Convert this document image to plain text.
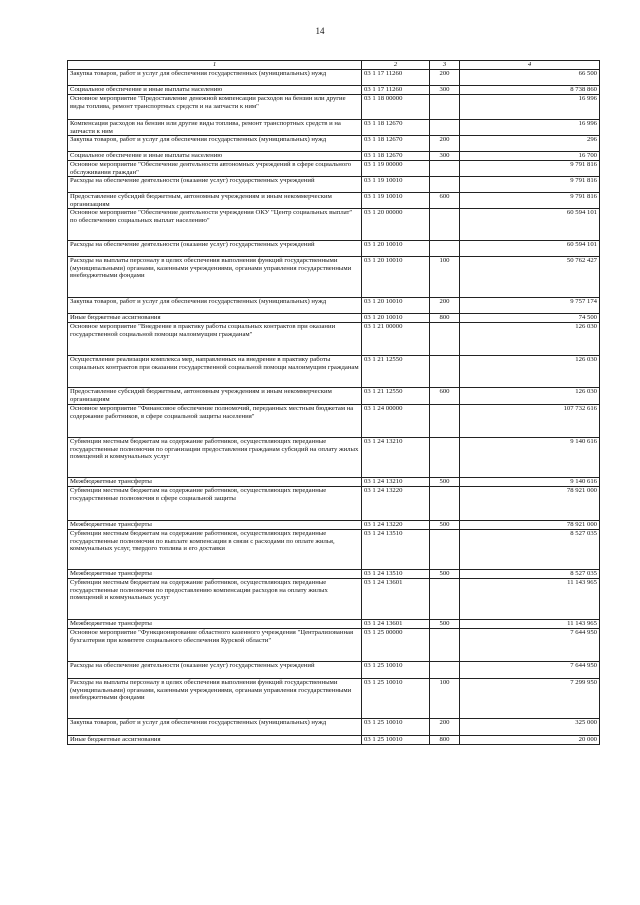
14
1	2	3	4
Закупка товаров, работ и услуг для обеспечения государственных (муниципальных) нужд	03 1 17 11260	200	66 500
Социальное обеспечение и иные выплаты населению	03 1 17 11260	300	8 738 860
Основное мероприятие "Предоставление денежной компенсации расходов на бензин или другие виды топлива, ремонт транспортных средств и на запчасти к ним"	03 1 18 00000		16 996
Компенсация расходов на бензин или другие виды топлива, ремонт транспортных средств и на запчасти к ним	03 1 18 12670		16 996
Закупка товаров, работ и услуг для обеспечения государственных (муниципальных) нужд	03 1 18 12670	200	296
Социальное обеспечение и иные выплаты населению	03 1 18 12670	300	16 700
Основное мероприятие "Обеспечение деятельности автономных учреждений в сфере социального обслуживания граждан"	03 1 19 00000		9 791 816
Расходы на обеспечение деятельности (оказание услуг) государственных учреждений	03 1 19 10010		9 791 816
Предоставление субсидий бюджетным, автономным учреждениям и иным некоммерческим организациям	03 1 19 10010	600	9 791 816
Основное мероприятие "Обеспечение деятельности учреждения ОКУ "Центр социальных выплат" по обеспечению социальных выплат населению"	03 1 20 00000		60 594 101
Расходы на обеспечение деятельности (оказание услуг) государственных учреждений	03 1 20 10010		60 594 101
Расходы на выплаты персоналу в целях обеспечения выполнения функций государственными (муниципальными) органами, казенными учреждениями, органами управления государственными внебюджетными фондами	03 1 20 10010	100	50 762 427
Закупка товаров, работ и услуг для обеспечения государственных (муниципальных) нужд	03 1 20 10010	200	9 757 174
Иные бюджетные ассигнования	03 1 20 10010	800	74 500
Основное мероприятие "Внедрение в практику работы социальных контрактов при оказании государственной социальной помощи малоимущим гражданам"	03 1 21 00000		126 030
Осуществление реализации комплекса мер, направленных на внедрение в практику работы социальных контрактов при оказании государственной социальной помощи малоимущим гражданам	03 1 21 12550		126 030
Предоставление субсидий бюджетным, автономным учреждениям и иным некоммерческим организациям	03 1 21 12550	600	126 030
Основное мероприятие "Финансовое обеспечение полномочий, переданных местным бюджетам на содержание работников, в сфере социальной защиты населения"	03 1 24 00000		107 732 616
Субвенции местным бюджетам на содержание работников, осуществляющих переданные государственные полномочия по организации предоставления гражданам субсидий на оплату жилых помещений и коммунальных услуг	03 1 24 13210		9 140 616
Межбюджетные трансферты	03 1 24 13210	500	9 140 616
Субвенции местным бюджетам на содержание работников, осуществляющих переданные государственные полномочия в сфере социальной защиты	03 1 24 13220		78 921 000
Межбюджетные трансферты	03 1 24 13220	500	78 921 000
Субвенции местным бюджетам на содержание работников, осуществляющих переданные государственные полномочия по выплате компенсации в связи с расходами по оплате жилья, коммунальных услуг, твердого топлива и его доставки	03 1 24 13510		8 527 035
Межбюджетные трансферты	03 1 24 13510	500	8 527 035
Субвенции местным бюджетам на содержание работников, осуществляющих переданные государственные полномочия по предоставлению компенсации расходов на оплату жилых помещений и коммунальных услуг	03 1 24 13601		11 143 965
Межбюджетные трансферты	03 1 24 13601	500	11 143 965
Основное мероприятие "Функционирование областного казенного учреждения "Централизованная бухгалтерия при комитете социального обеспечения Курской области"	03 1 25 00000		7 644 950
Расходы на обеспечение деятельности (оказание услуг) государственных учреждений	03 1 25 10010		7 644 950
Расходы на выплаты персоналу в целях обеспечения выполнения функций государственными (муниципальными) органами, казенными учреждениями, органами управления государственными внебюджетными фондами	03 1 25 10010	100	7 299 950
Закупка товаров, работ и услуг для обеспечения государственных (муниципальных) нужд	03 1 25 10010	200	325 000
Иные бюджетные ассигнования	03 1 25 10010	800	20 000
